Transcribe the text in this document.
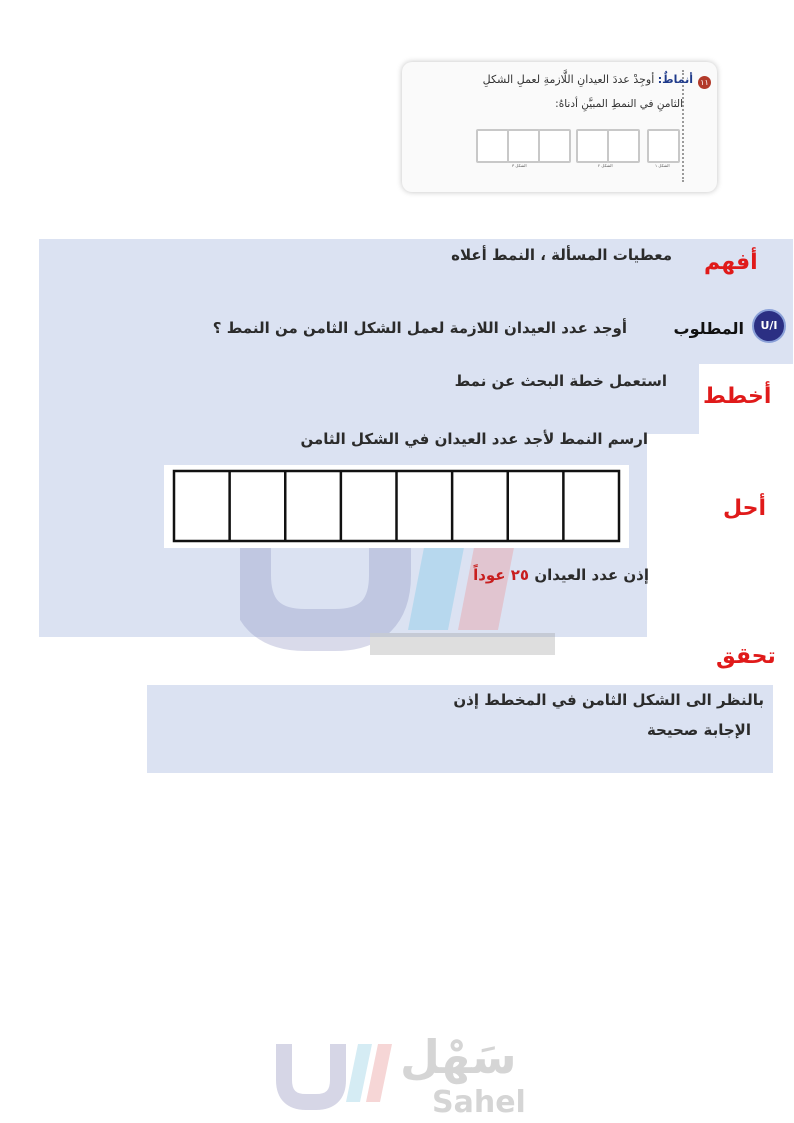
١١
أنماطٌ: أوجِدْ عددَ العيدانِ اللَّازمةِ لعملِ الشكلِ
الثامنِ في النمطِ المبيَّنِ أدناهُ:
الشكل ٣	الشكل ٢	الشكل ١
أفهم
أخطط
أحل
تحقق
معطيات المسألة ، النمط أعلاه
U/I
المطلوب
أوجد عدد العيدان اللازمة لعمل الشكل الثامن من النمط ؟
استعمل خطة البحث عن نمط
ارسم النمط لأجد عدد العيدان في الشكل الثامن
إذن عدد العيدان ٢٥ عوداً
بالنظر الى الشكل الثامن في المخطط إذن
الإجابة صحيحة
سَهْل
Sahel
